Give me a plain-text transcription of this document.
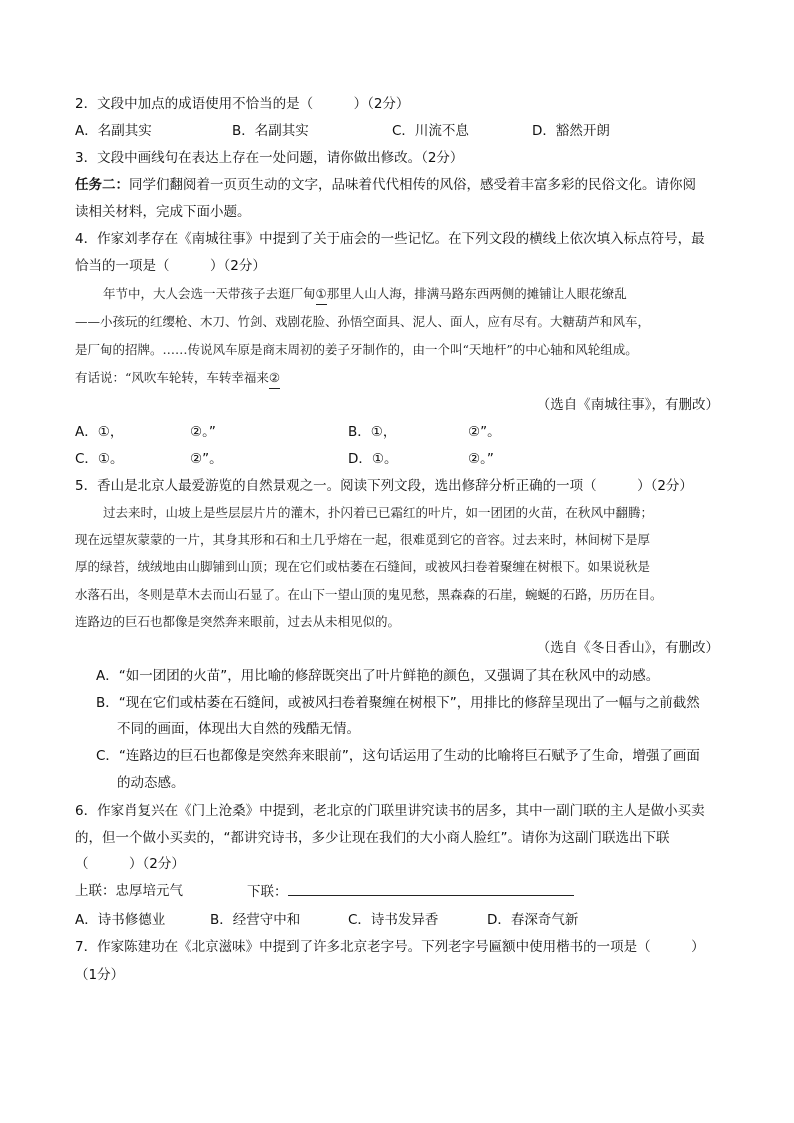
2．文段中加点的成语使用不恰当的是（　　　）（2分）
A．名副其实	B．名副其实	C．川流不息	D．豁然开朗
3．文段中画线句在表达上存在一处问题，请你做出修改。（2分）
任务二：同学们翻阅着一页页生动的文字，品味着代代相传的风俗，感受着丰富多彩的民俗文化。请你阅
读相关材料，完成下面小题。
4．作家刘孝存在《南城往事》中提到了关于庙会的一些记忆。在下列文段的横线上依次填入标点符号，最
恰当的一项是（　　　）（2分）
年节中，大人会选一天带孩子去逛厂甸①那里人山人海，排满马路东西两侧的摊铺让人眼花缭乱
——小孩玩的红缨枪、木刀、竹剑、戏剧花脸、孙悟空面具、泥人、面人，应有尽有。大糖葫芦和风车，
是厂甸的招牌。……传说风车原是商末周初的姜子牙制作的，由一个叫“天地杆”的中心轴和风轮组成。
有话说：“风吹车轮转，车转幸福来②
（选自《南城往事》，有删改）
A．①，	②。”	B．①，	②”。
C．①。	②”。	D．①。	②。”
5．香山是北京人最爱游览的自然景观之一。阅读下列文段，选出修辞分析正确的一项（　　　）（2分）
过去来时，山坡上是些层层片片的灌木，扑闪着已已霜红的叶片，如一团团的火苗，在秋风中翻腾；
现在远望灰蒙蒙的一片，其身其形和石和土几乎熔在一起，很难觅到它的音容。过去来时，林间树下是厚
厚的绿苔，绒绒地由山脚铺到山顶；现在它们或枯萎在石缝间，或被风扫卷着聚缠在树根下。如果说秋是
水落石出，冬则是草木去而山石显了。在山下一望山顶的鬼见愁，黑森森的石崖，蜿蜒的石路，历历在目。
连路边的巨石也都像是突然奔来眼前，过去从未相见似的。
（选自《冬日香山》，有删改）
A．“如一团团的火苗”，用比喻的修辞既突出了叶片鲜艳的颜色，又强调了其在秋风中的动感。
B．“现在它们或枯萎在石缝间，或被风扫卷着聚缠在树根下”，用排比的修辞呈现出了一幅与之前截然
不同的画面，体现出大自然的残酷无情。
C．“连路边的巨石也都像是突然奔来眼前”，这句话运用了生动的比喻将巨石赋予了生命，增强了画面
的动态感。
6．作家肖复兴在《门上沧桑》中提到，老北京的门联里讲究读书的居多，其中一副门联的主人是做小买卖
的，但一个做小买卖的，“都讲究诗书，多少让现在我们的大小商人脸红”。请你为这副门联选出下联
（　　　）（2分）
上联：忠厚培元气	下联：
A．诗书修德业	B．经营守中和	C．诗书发异香	D．春深奇气新
7．作家陈建功在《北京滋味》中提到了许多北京老字号。下列老字号匾额中使用楷书的一项是（　　　）
（1分）
